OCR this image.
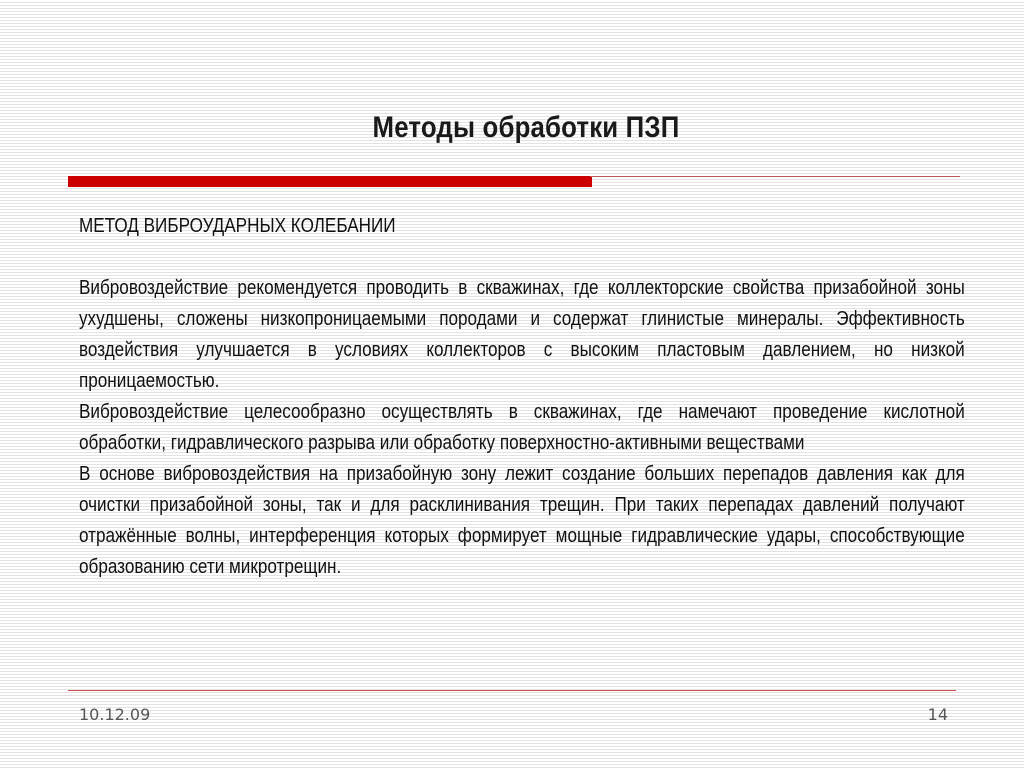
Методы обработки ПЗП

МЕТОД ВИБРОУДАРНЫХ КОЛЕБАНИИ

Вибровоздействие рекомендуется проводить в скважинах, где коллекторские свойства призабойной зоны ухудшены, сложены низкопроницаемыми породами и содержат глинистые минералы. Эффективность воздействия улучшается в условиях коллекторов с высоким пластовым давлением, но низкой проницаемостью.

Вибровоздействие целесообразно осуществлять в скважинах, где намечают проведение кислотной обработки, гидравлического разрыва или обработку поверхностно-активными веществами

В основе вибровоздействия на призабойную зону лежит создание больших перепадов давления как для очистки призабойной зоны, так и для расклинивания трещин. При таких перепадах давлений получают отражённые волны, интерференция которых формирует мощные гидравлические удары, способствующие образованию сети микротрещин.

10.12.09	14
